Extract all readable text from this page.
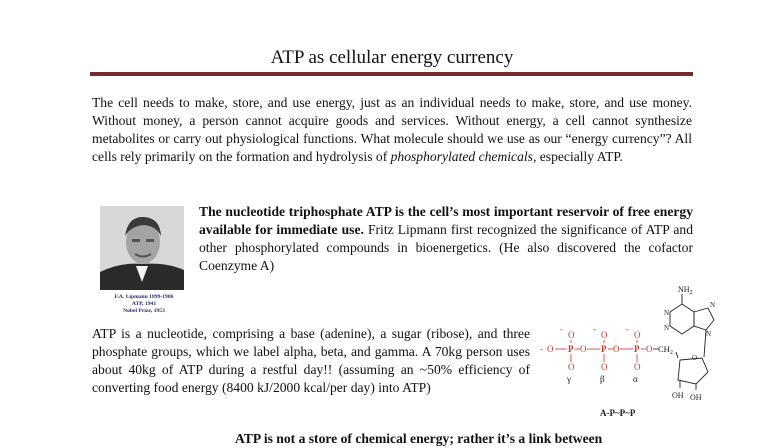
ATP as cellular energy currency

The cell needs to make, store, and use energy, just as an individual needs to make, store, and use money. Without money, a person cannot acquire goods and services. Without energy, a cell cannot synthesize metabolites or carry out physiological functions. What molecule should we use as our “energy currency”? All cells rely primarily on the formation and hydrolysis of phosphorylated chemicals, especially ATP.

F.A. Lipmann 1899-1986
ATP, 1941
Nobel Prize, 1953

The nucleotide triphosphate ATP is the cell’s most important reservoir of free energy available for immediate use. Fritz Lipmann first recognized the significance of ATP and other phosphorylated compounds in bioenergetics. (He also discovered the cofactor Coenzyme A)

ATP is a nucleotide, comprising a base (adenine), a sugar (ribose), and three phosphate groups, which we label alpha, beta, and gamma. A 70kg person uses about 40kg of ATP during a restful day!! (assuming an ~50% efficiency of converting food energy (8400 kJ/2000 kcal/per day) into ATP)

-
O
-
O
-
O
- O	O	O	O
O	O	O
P	P	P
γ	β	α
$CH_2$
O
OH OH
$NH_2$
N
N
N
N
A-P~P~P
ATP is not a store of chemical energy; rather it’s a link between
